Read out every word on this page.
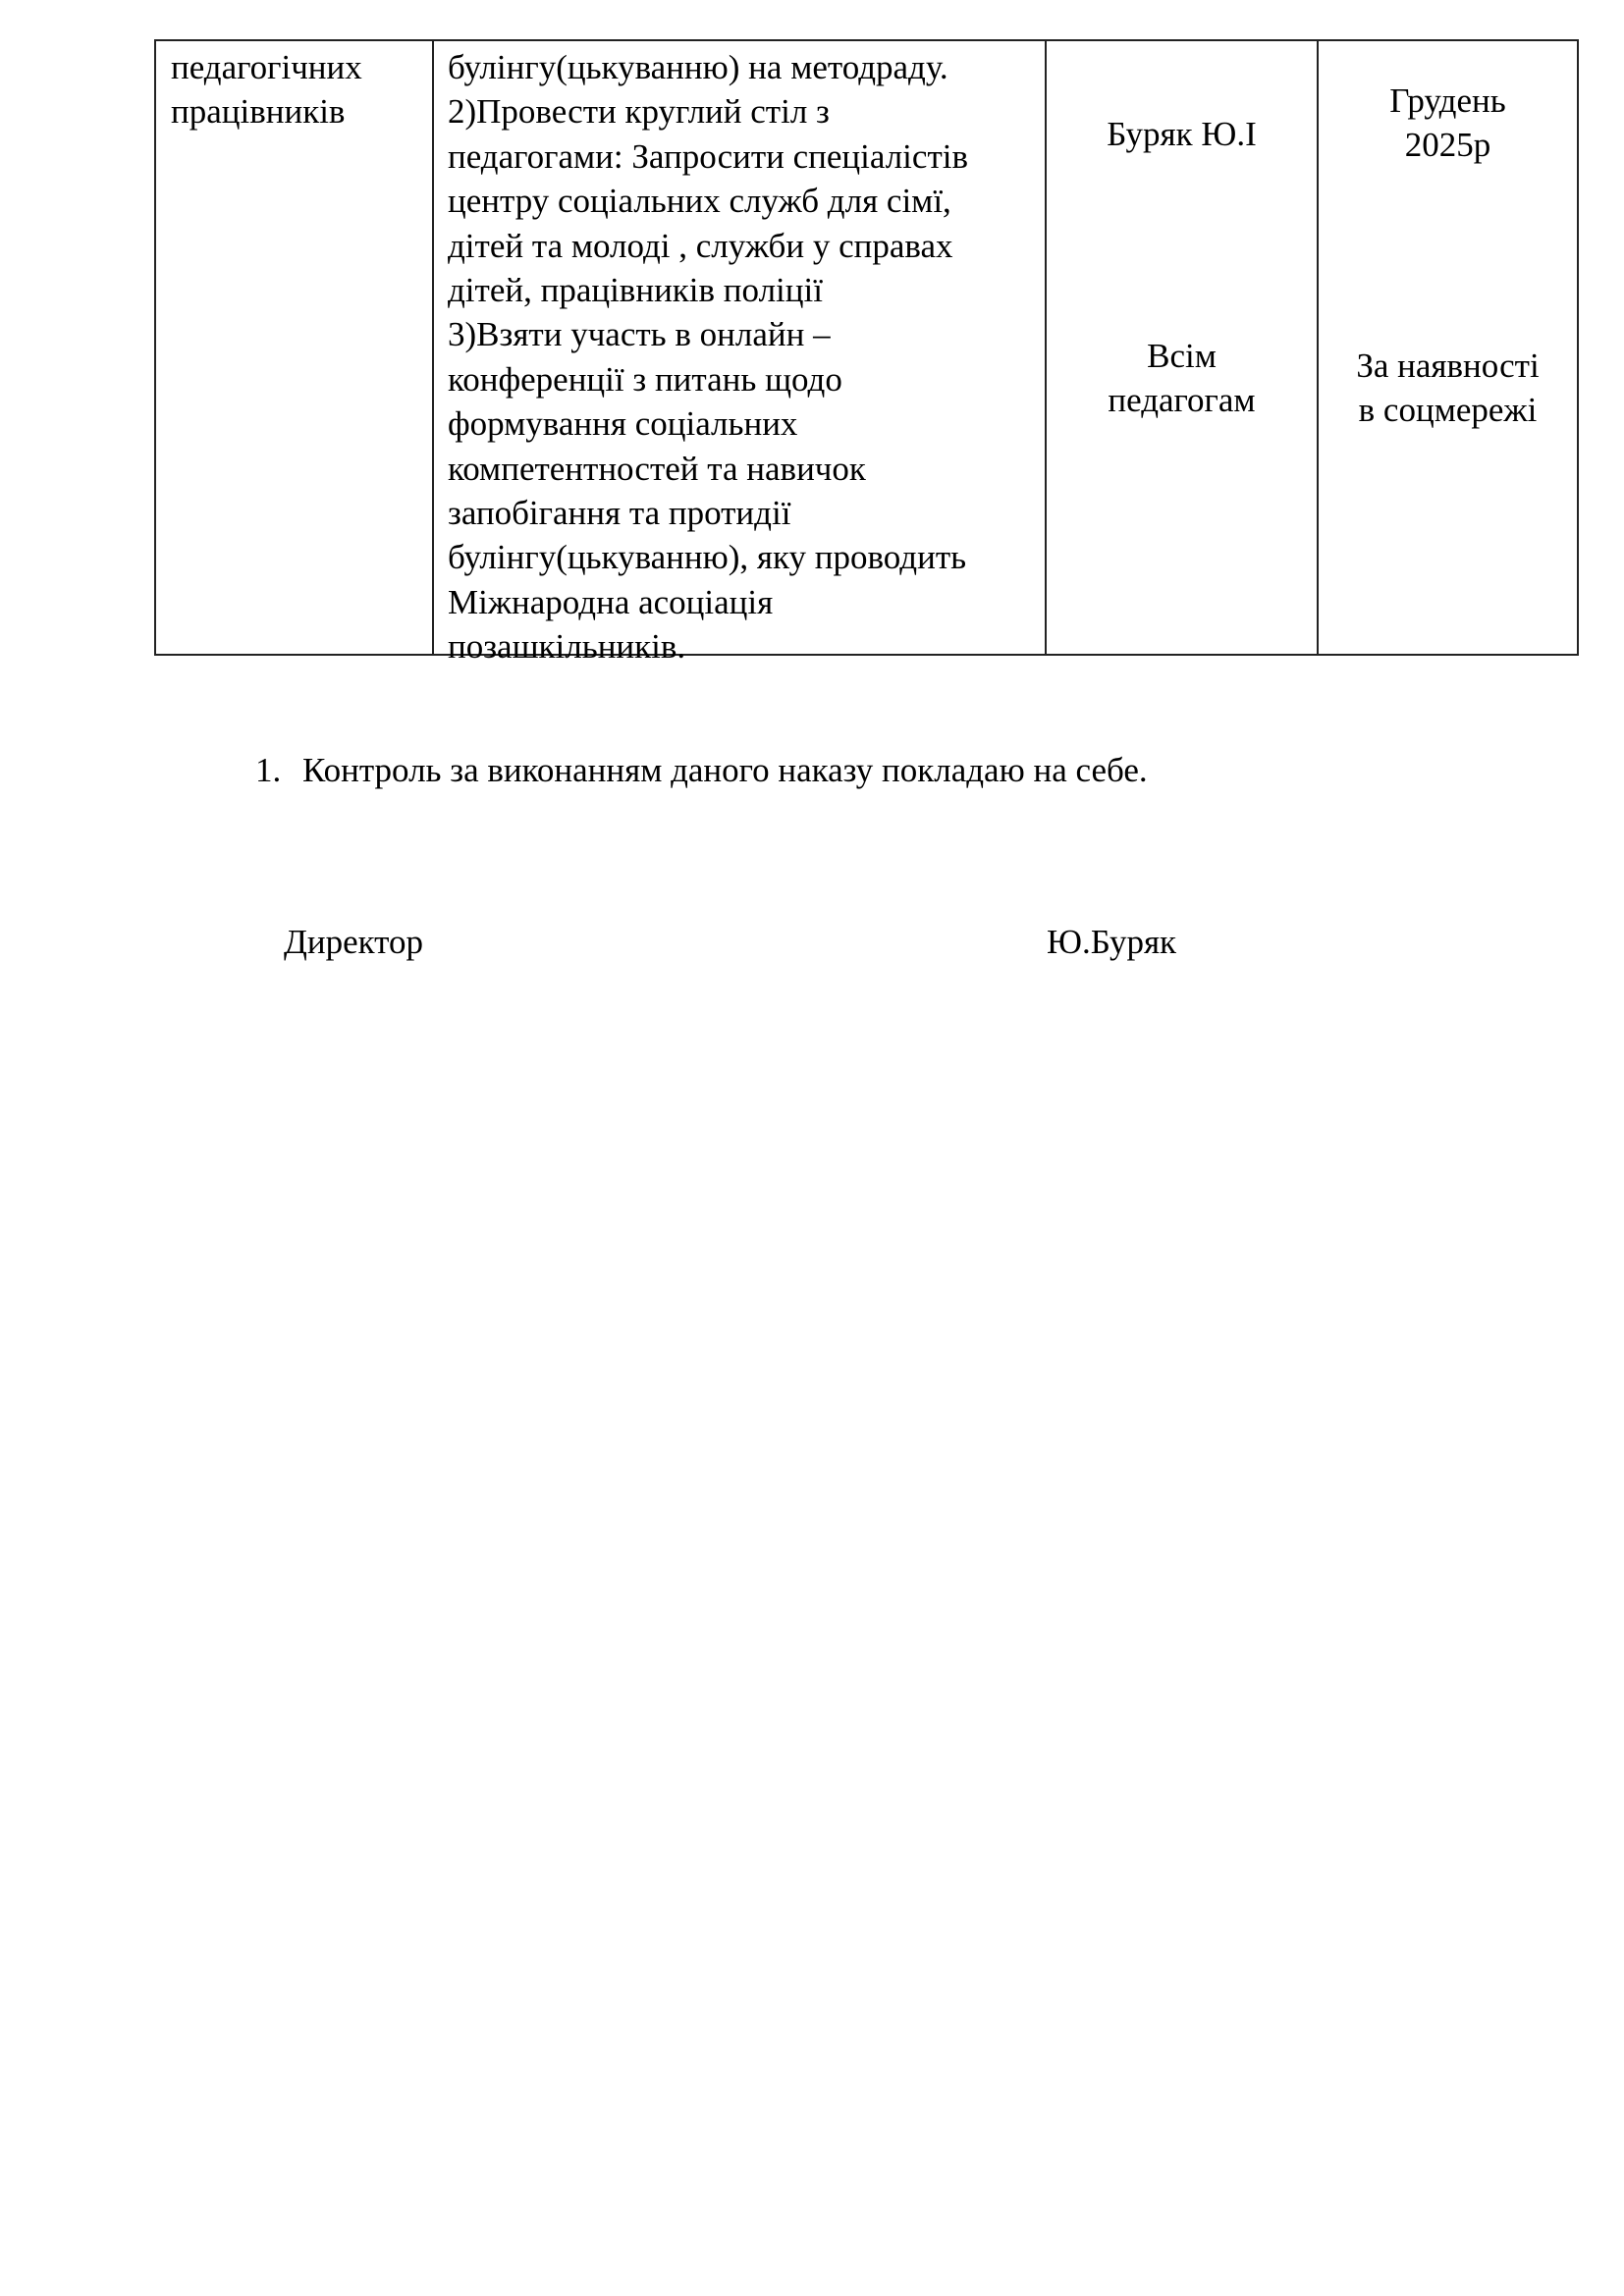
педагогічних
працівників
булінгу(цькуванню) на методраду.
2)Провести круглий стіл з
педагогами: Запросити спеціалістів
центру соціальних служб для сімї,
дітей та молоді , служби у справах
дітей, працівників поліції
3)Взяти участь в онлайн –
конференції з питань щодо
формування соціальних
компетентностей та навичок
запобігання та протидії
булінгу(цькуванню), яку проводить
Міжнародна асоціація
позашкільників.
Буряк Ю.І
Всім
педагогам
Грудень
2025р
За наявності
в соцмережі
1. Контроль за виконанням даного наказу покладаю на себе.
Директор	Ю.Буряк
